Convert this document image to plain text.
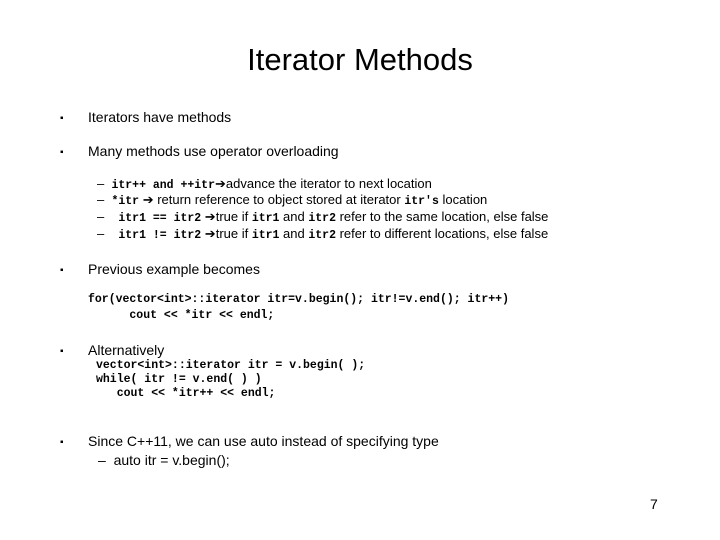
Iterator Methods
▪ Iterators have methods
▪ Many methods use operator overloading
– itr++ and ++itr➔advance the iterator to next location
– *itr ➔ return reference to object stored at iterator itr's location
–   itr1 == itr2 ➔true if itr1 and itr2 refer to the same location, else false
–   itr1 != itr2 ➔true if itr1 and itr2 refer to different locations, else false
▪ Previous example becomes
for(vector<int>::iterator itr=v.begin(); itr!=v.end(); itr++)
cout << *itr << endl;
▪ Alternatively
vector<int>::iterator itr = v.begin( );
while( itr != v.end( ) )
cout << *itr++ << endl;
▪ Since C++11, we can use auto instead of specifying type
– auto itr = v.begin();
7
